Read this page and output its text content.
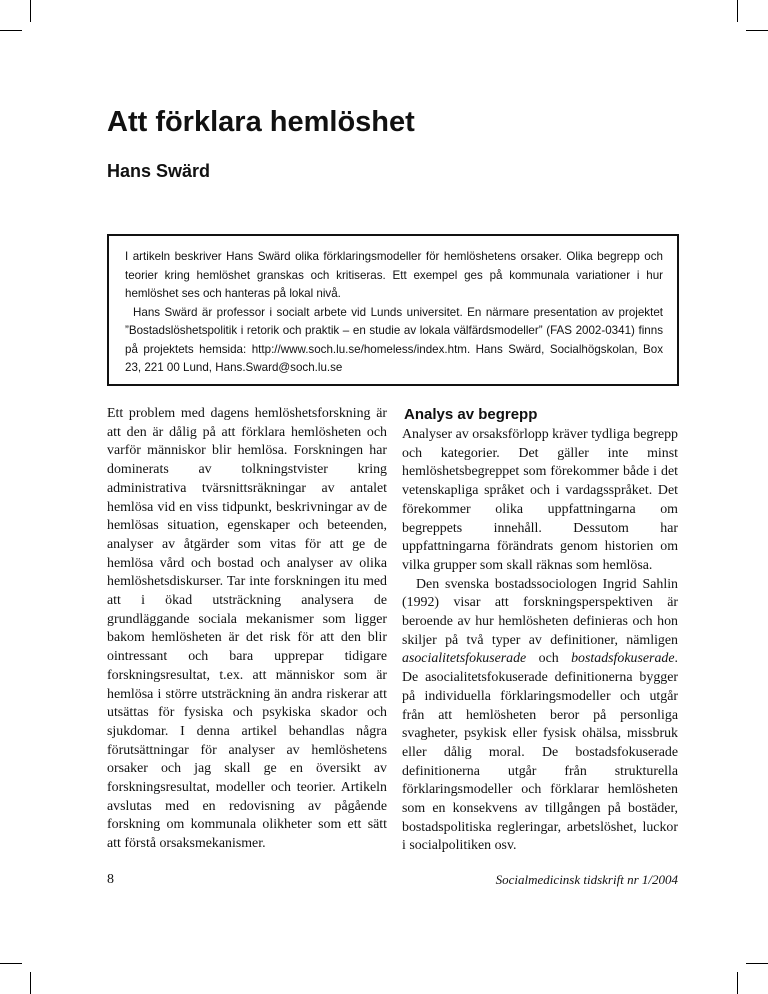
Att förklara hemlöshet
Hans Swärd

I artikeln beskriver Hans Swärd olika förklaringsmodeller för hemlöshetens orsaker. Olika begrepp och teorier kring hemlöshet granskas och kritiseras. Ett exempel ges på kommunala variationer i hur hemlöshet ses och hanteras på lokal nivå.

Hans Swärd är professor i socialt arbete vid Lunds universitet. En närmare presentation av projektet ”Bostadslöshetspolitik i retorik och praktik – en studie av lokala välfärdsmodeller” (FAS 2002-0341) finns på projektets hemsida: http://www.soch.lu.se/homeless/index.htm. Hans Swärd, Socialhögskolan, Box 23, 221 00 Lund, Hans.Sward@soch.lu.se

Ett problem med dagens hemlöshetsforskning är att den är dålig på att förklara hemlösheten och varför människor blir hemlösa. Forskningen har dominerats av tolkningstvister kring administrativa tvärsnittsräkningar av antalet hemlösa vid en viss tidpunkt, beskrivningar av de hemlösas situation, egenskaper och beteenden, analyser av åtgärder som vitas för att ge de hemlösa vård och bostad och analyser av olika hemlöshetsdiskurser. Tar inte forskningen itu med att i ökad utsträckning analysera de grundläggande sociala mekanismer som ligger bakom hemlösheten är det risk för att den blir ointressant och bara upprepar tidigare forskningsresultat, t.ex. att människor som är hemlösa i större utsträckning än andra riskerar att utsättas för fysiska och psykiska skador och sjukdomar. I denna artikel behandlas några förutsättningar för analyser av hemlöshetens orsaker och jag skall ge en översikt av forskningsresultat, modeller och teorier. Artikeln avslutas med en redovisning av pågående forskning om kommunala olikheter som ett sätt att förstå orsaksmekanismer.

Analys av begrepp

Analyser av orsaksförlopp kräver tydliga begrepp och kategorier. Det gäller inte minst hemlöshetsbegreppet som förekommer både i det vetenskapliga språket och i vardagsspråket. Det förekommer olika uppfattningarna om begreppets innehåll. Dessutom har uppfattningarna förändrats genom historien om vilka grupper som skall räknas som hemlösa.

Den svenska bostadssociologen Ingrid Sahlin (1992) visar att forskningsperspektiven är beroende av hur hemlösheten definieras och hon skiljer på två typer av definitioner, nämligen asocialitetsfokuserade och bostadsfokuserade. De asocialitetsfokuserade definitionerna bygger på individuella förklaringsmodeller och utgår från att hemlösheten beror på personliga svagheter, psykisk eller fysisk ohälsa, missbruk eller dålig moral. De bostadsfokuserade definitionerna utgår från strukturella förklaringsmodeller och förklarar hemlösheten som en konsekvens av tillgången på bostäder, bostadspolitiska regleringar, arbetslöshet, luckor i socialpolitiken osv.

8	Socialmedicinsk tidskrift nr 1/2004
